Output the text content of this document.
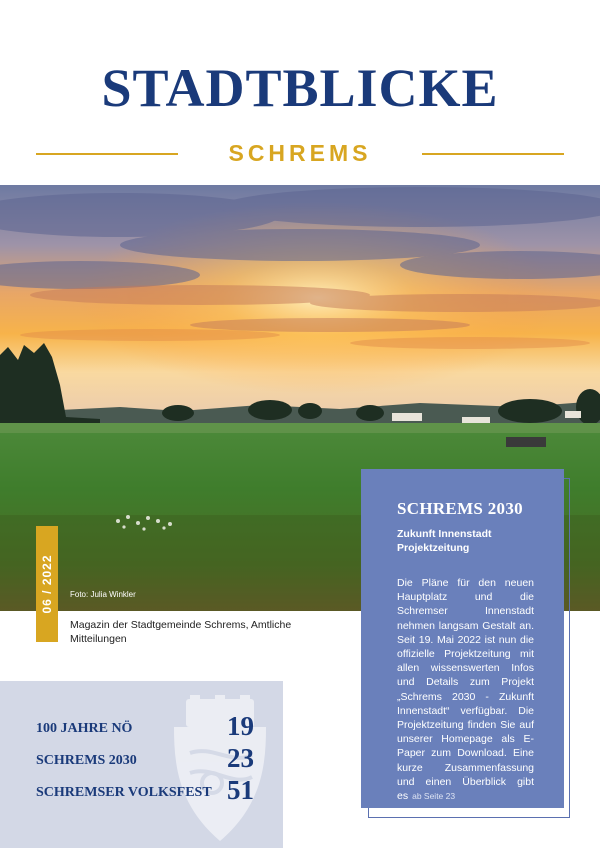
STADTBLICKE
SCHREMS
Foto: Julia Winkler
06 / 2022
Magazin der Stadtgemeinde Schrems, Amtliche Mitteilungen
100 JAHRE NÖ	19
SCHREMS 2030	23
SCHREMSER VOLKSFEST 51
SCHREMS 2030
Zukunft Innenstadt Projektzeitung
Die Pläne für den neuen Hauptplatz und die Schremser Innenstadt nehmen langsam Gestalt an. Seit 19. Mai 2022 ist nun die offizielle Projektzeitung mit allen wissenswerten Infos und Details zum Projekt „Schrems 2030 - Zukunft Innenstadt“ verfügbar. Die Projektzeitung finden Sie auf unserer Homepage als E-Paper zum Download. Eine kurze Zusammenfassung und einen Überblick gibt es ab Seite 23
